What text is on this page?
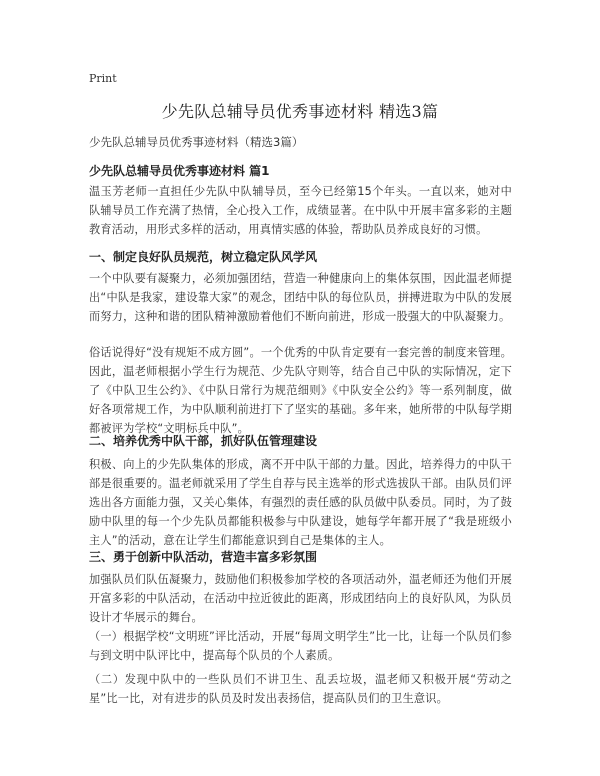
Print
少先队总辅导员优秀事迹材料 精选3篇
少先队总辅导员优秀事迹材料（精选3篇）
少先队总辅导员优秀事迹材料 篇1

温玉芳老师一直担任少先队中队辅导员，至今已经第15个年头。一直以来，她对中队辅导员工作充满了热情，全心投入工作，成绩显著。在中队中开展丰富多彩的主题教育活动，用形式多样的活动，用真情实感的体验，帮助队员养成良好的习惯。

一、制定良好队员规范，树立稳定队风学风

一个中队要有凝聚力，必须加强团结，营造一种健康向上的集体氛围，因此温老师提出“中队是我家，建设靠大家”的观念，团结中队的每位队员，拼搏进取为中队的发展而努力，这种和谐的团队精神激励着他们不断向前进，形成一股强大的中队凝聚力。

俗话说得好“没有规矩不成方圆”。一个优秀的中队肯定要有一套完善的制度来管理。因此，温老师根据小学生行为规范、少先队守则等，结合自己中队的实际情况，定下了《中队卫生公约》、《中队日常行为规范细则》《中队安全公约》等一系列制度，做好各项常规工作，为中队顺利前进打下了坚实的基础。多年来，她所带的中队每学期都被评为学校“文明标兵中队”。

二、培养优秀中队干部，抓好队伍管理建设

积极、向上的少先队集体的形成，离不开中队干部的力量。因此，培养得力的中队干部是很重要的。温老师就采用了学生自荐与民主选举的形式选拔队干部。由队员们评选出各方面能力强，又关心集体，有强烈的责任感的队员做中队委员。同时，为了鼓励中队里的每一个少先队员都能积极参与中队建设，她每学年都开展了“我是班级小主人”的活动，意在让学生们都能意识到自己是集体的主人。

三、勇于创新中队活动，营造丰富多彩氛围

加强队员们队伍凝聚力，鼓励他们积极参加学校的各项活动外，温老师还为他们开展开富多彩的中队活动，在活动中拉近彼此的距离，形成团结向上的良好队风，为队员设计才华展示的舞台。

（一）根据学校“文明班”评比活动，开展“每周文明学生”比一比，让每一个队员们参与到文明中队评比中，提高每个队员的个人素质。

（二）发现中队中的一些队员们不讲卫生、乱丢垃圾，温老师又积极开展“劳动之星”比一比，对有进步的队员及时发出表扬信，提高队员们的卫生意识。
